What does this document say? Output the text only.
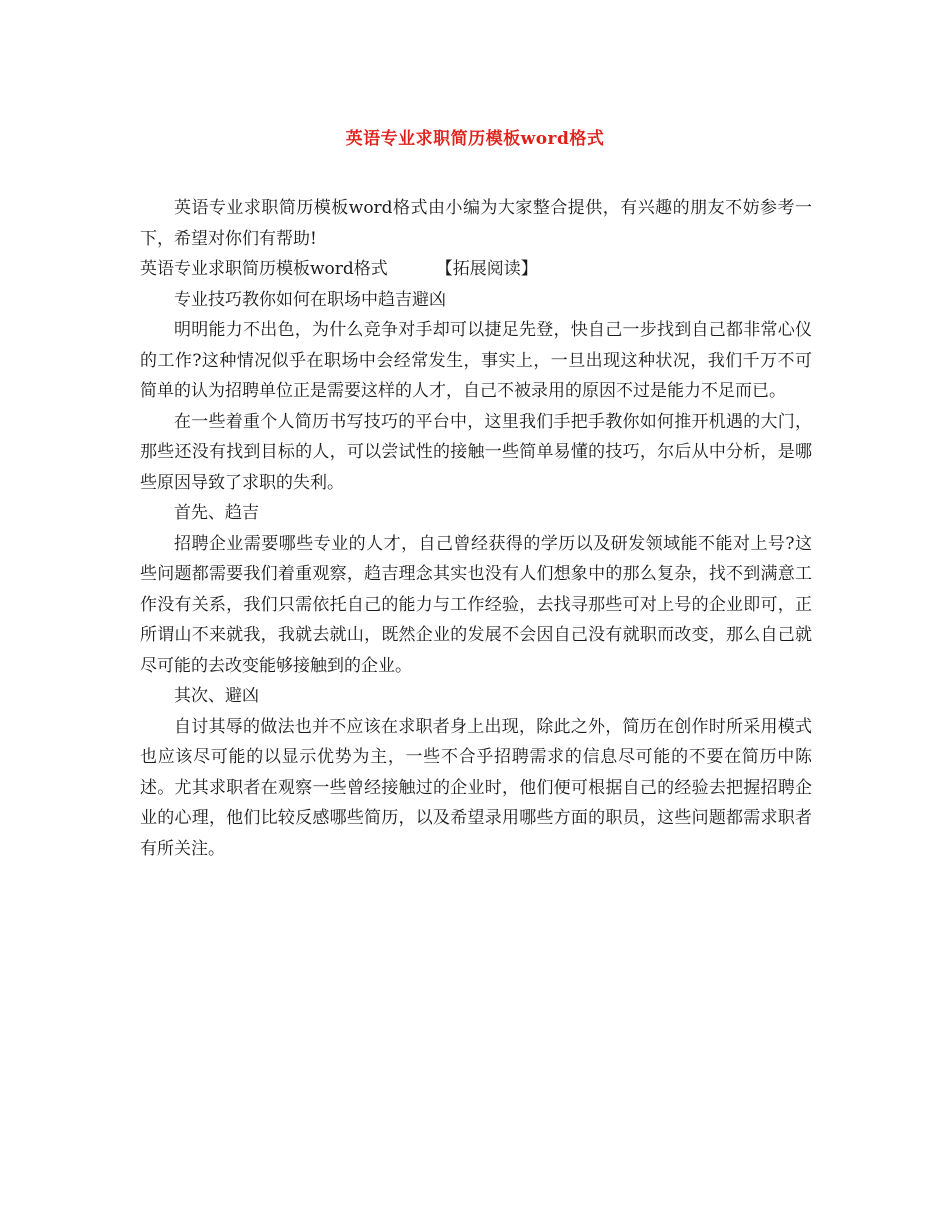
英语专业求职简历模板word格式

英语专业求职简历模板word格式由小编为大家整合提供，有兴趣的朋友不妨参考一下，希望对你们有帮助!

英语专业求职简历模板word格式	【拓展阅读】

专业技巧教你如何在职场中趋吉避凶

明明能力不出色，为什么竞争对手却可以捷足先登，快自己一步找到自己都非常心仪的工作?这种情况似乎在职场中会经常发生，事实上，一旦出现这种状况，我们千万不可简单的认为招聘单位正是需要这样的人才，自己不被录用的原因不过是能力不足而已。

在一些着重个人简历书写技巧的平台中，这里我们手把手教你如何推开机遇的大门，那些还没有找到目标的人，可以尝试性的接触一些简单易懂的技巧，尔后从中分析，是哪些原因导致了求职的失利。

首先、趋吉

招聘企业需要哪些专业的人才，自己曾经获得的学历以及研发领域能不能对上号?这些问题都需要我们着重观察，趋吉理念其实也没有人们想象中的那么复杂，找不到满意工作没有关系，我们只需依托自己的能力与工作经验，去找寻那些可对上号的企业即可，正所谓山不来就我，我就去就山，既然企业的发展不会因自己没有就职而改变，那么自己就尽可能的去改变能够接触到的企业。

其次、避凶

自讨其辱的做法也并不应该在求职者身上出现，除此之外，简历在创作时所采用模式也应该尽可能的以显示优势为主，一些不合乎招聘需求的信息尽可能的不要在简历中陈述。尤其求职者在观察一些曾经接触过的企业时，他们便可根据自己的经验去把握招聘企业的心理，他们比较反感哪些简历，以及希望录用哪些方面的职员，这些问题都需求职者有所关注。
